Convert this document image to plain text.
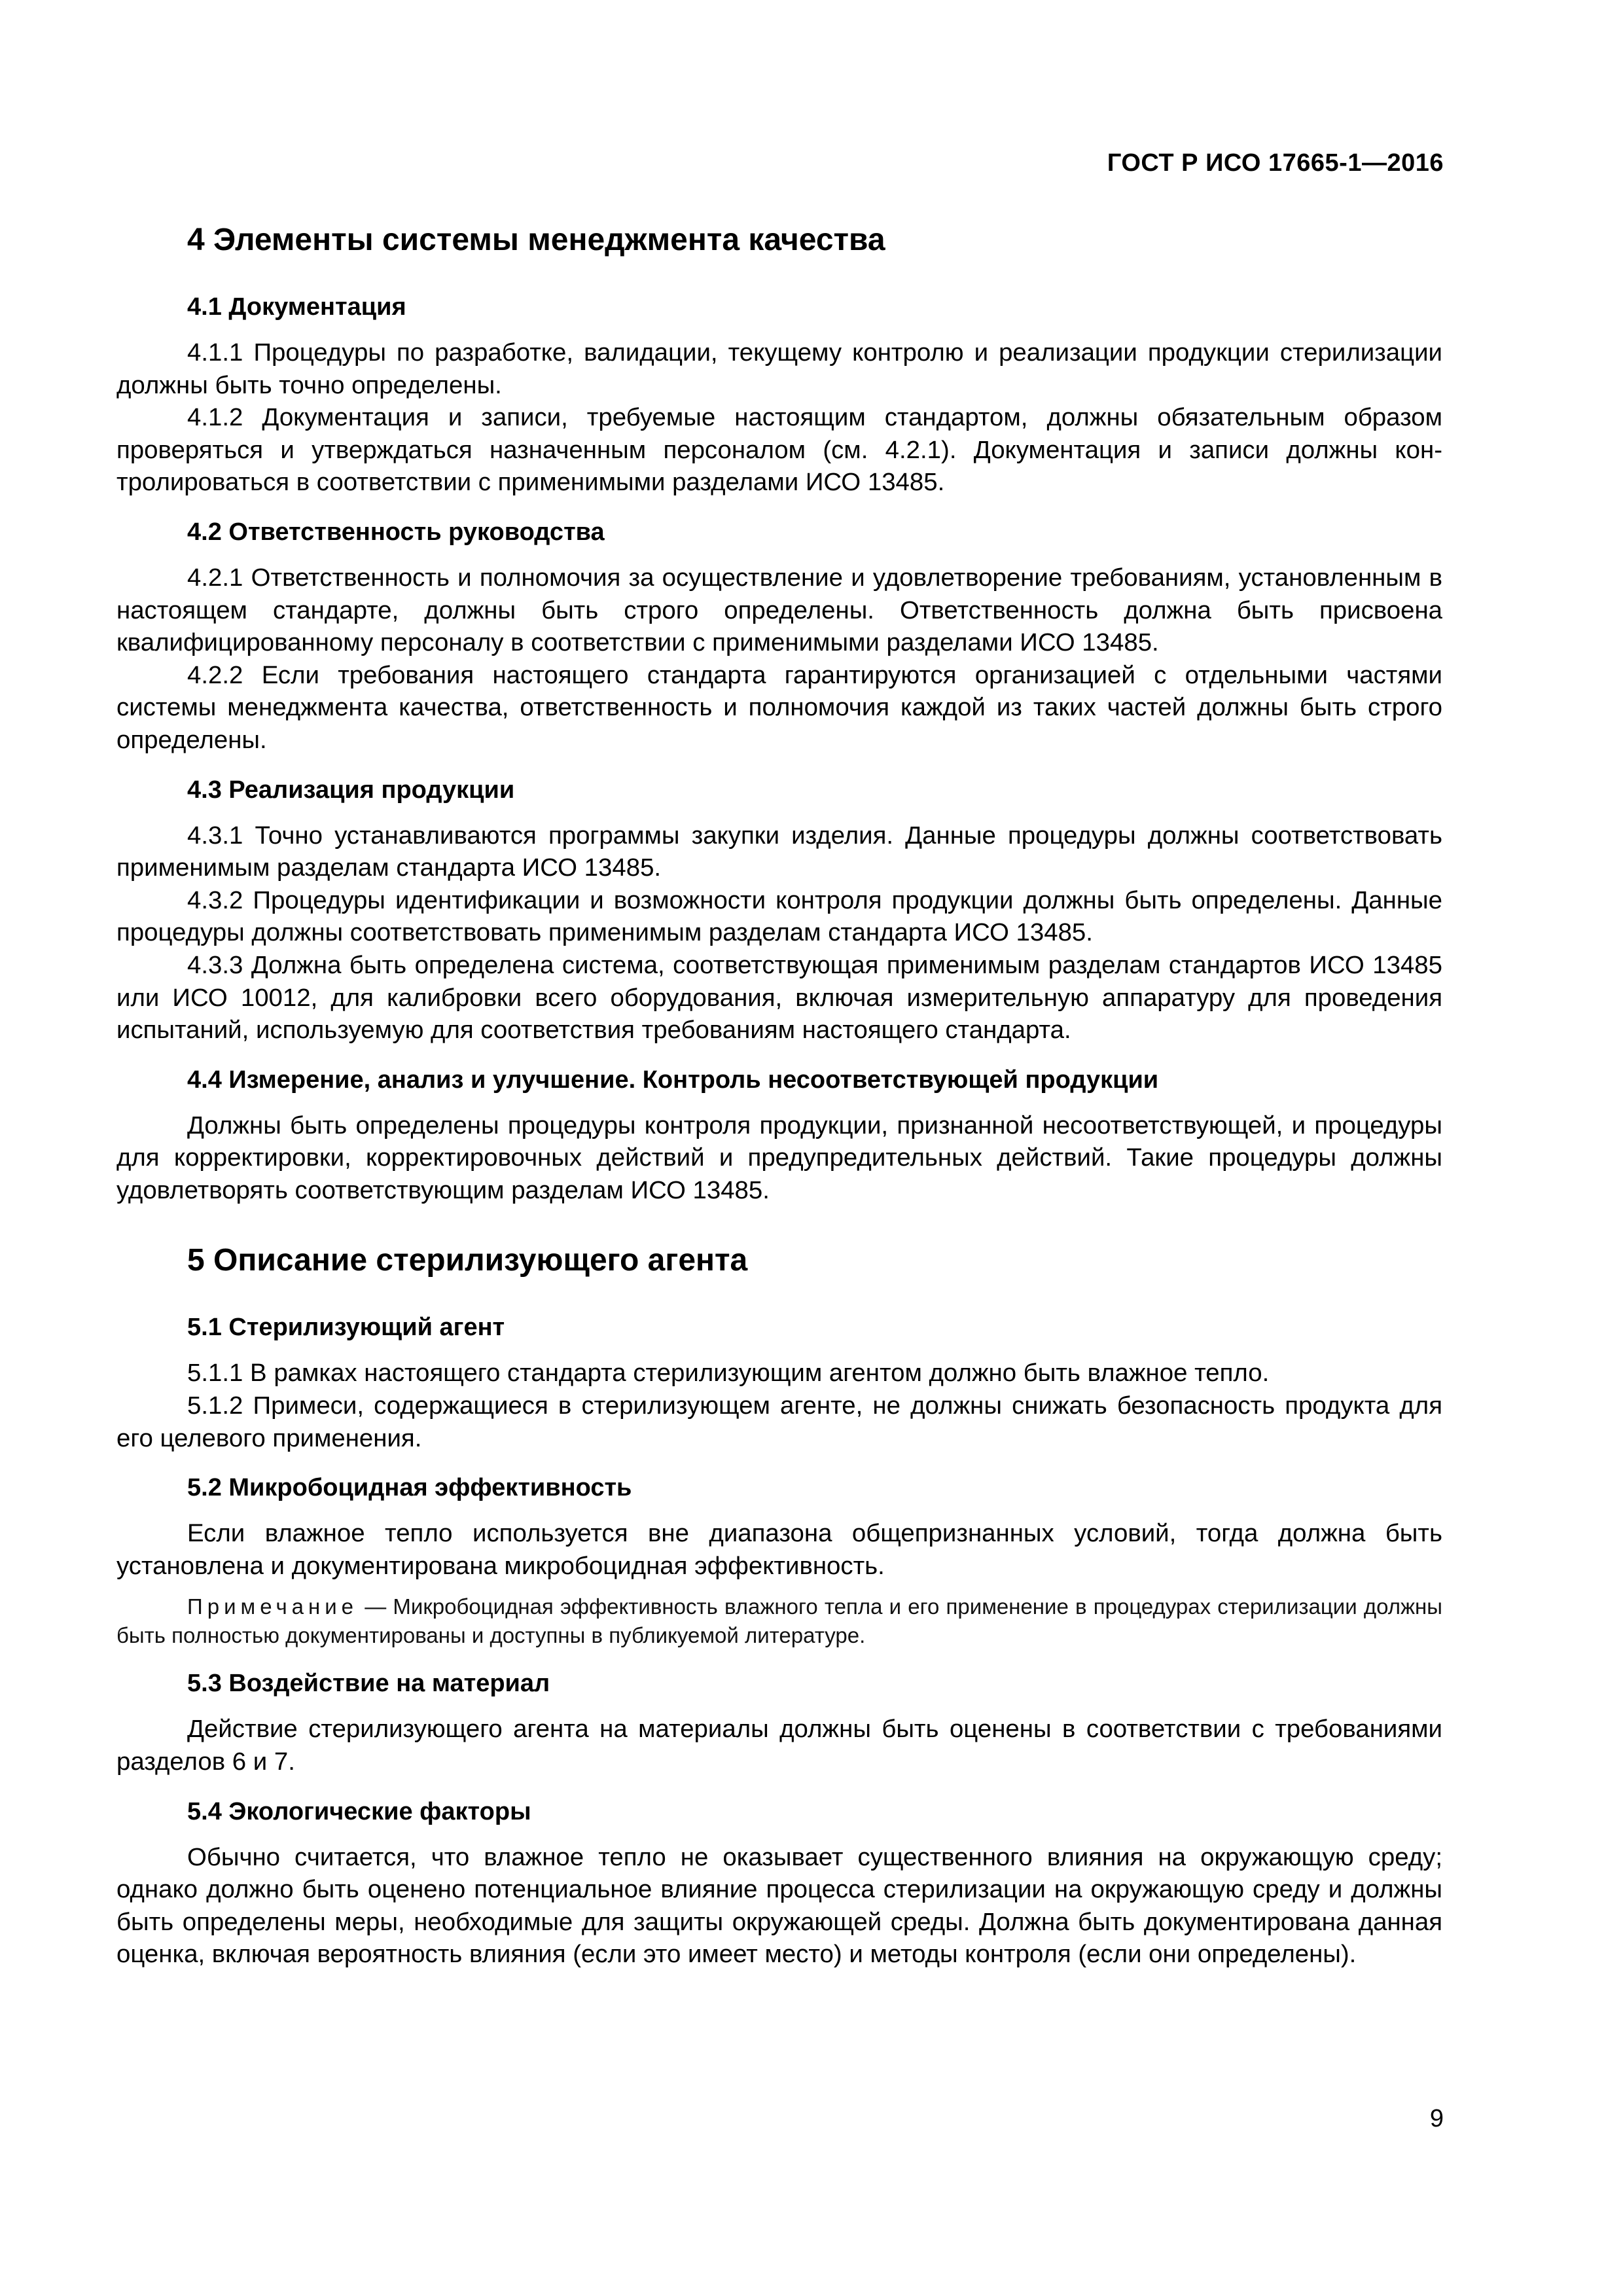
ГОСТ Р ИСО 17665-1—2016
4 Элементы системы менеджмента качества
4.1 Документация

4.1.1 Процедуры по разработке, валидации, текущему контролю и реализации продукции стерилизации должны быть точно определены.

4.1.2 Документация и записи, требуемые настоящим стандартом, должны обязательным образом проверяться и утверждаться назначенным персоналом (см. 4.2.1). Документация и записи должны контролироваться в соответствии с применимыми разделами ИСО 13485.

4.2 Ответственность руководства

4.2.1 Ответственность и полномочия за осуществление и удовлетворение требованиям, установленным в настоящем стандарте, должны быть строго определены. Ответственность должна быть присвоена квалифицированному персоналу в соответствии с применимыми разделами ИСО 13485.

4.2.2 Если требования настоящего стандарта гарантируются организацией с отдельными частями системы менеджмента качества, ответственность и полномочия каждой из таких частей должны быть строго определены.

4.3 Реализация продукции

4.3.1 Точно устанавливаются программы закупки изделия. Данные процедуры должны соответствовать применимым разделам стандарта ИСО 13485.

4.3.2 Процедуры идентификации и возможности контроля продукции должны быть определены. Данные процедуры должны соответствовать применимым разделам стандарта ИСО 13485.

4.3.3 Должна быть определена система, соответствующая применимым разделам стандартов ИСО 13485 или ИСО 10012, для калибровки всего оборудования, включая измерительную аппаратуру для проведения испытаний, используемую для соответствия требованиям настоящего стандарта.

4.4 Измерение, анализ и улучшение. Контроль несоответствующей продукции

Должны быть определены процедуры контроля продукции, признанной несоответствующей, и процедуры для корректировки, корректировочных действий и предупредительных действий. Такие процедуры должны удовлетворять соответствующим разделам ИСО 13485.

5 Описание стерилизующего агента
5.1 Стерилизующий агент

5.1.1 В рамках настоящего стандарта стерилизующим агентом должно быть влажное тепло.

5.1.2 Примеси, содержащиеся в стерилизующем агенте, не должны снижать безопасность продукта для его целевого применения.

5.2 Микробоцидная эффективность

Если влажное тепло используется вне диапазона общепризнанных условий, тогда должна быть установлена и документирована микробоцидная эффективность.

Примечание — Микробоцидная эффективность влажного тепла и его применение в процедурах стерилизации должны быть полностью документированы и доступны в публикуемой литературе.

5.3 Воздействие на материал

Действие стерилизующего агента на материалы должны быть оценены в соответствии с требованиями разделов 6 и 7.

5.4 Экологические факторы

Обычно считается, что влажное тепло не оказывает существенного влияния на окружающую среду; однако должно быть оценено потенциальное влияние процесса стерилизации на окружающую среду и должны быть определены меры, необходимые для защиты окружающей среды. Должна быть документирована данная оценка, включая вероятность влияния (если это имеет место) и методы контроля (если они определены).

9
